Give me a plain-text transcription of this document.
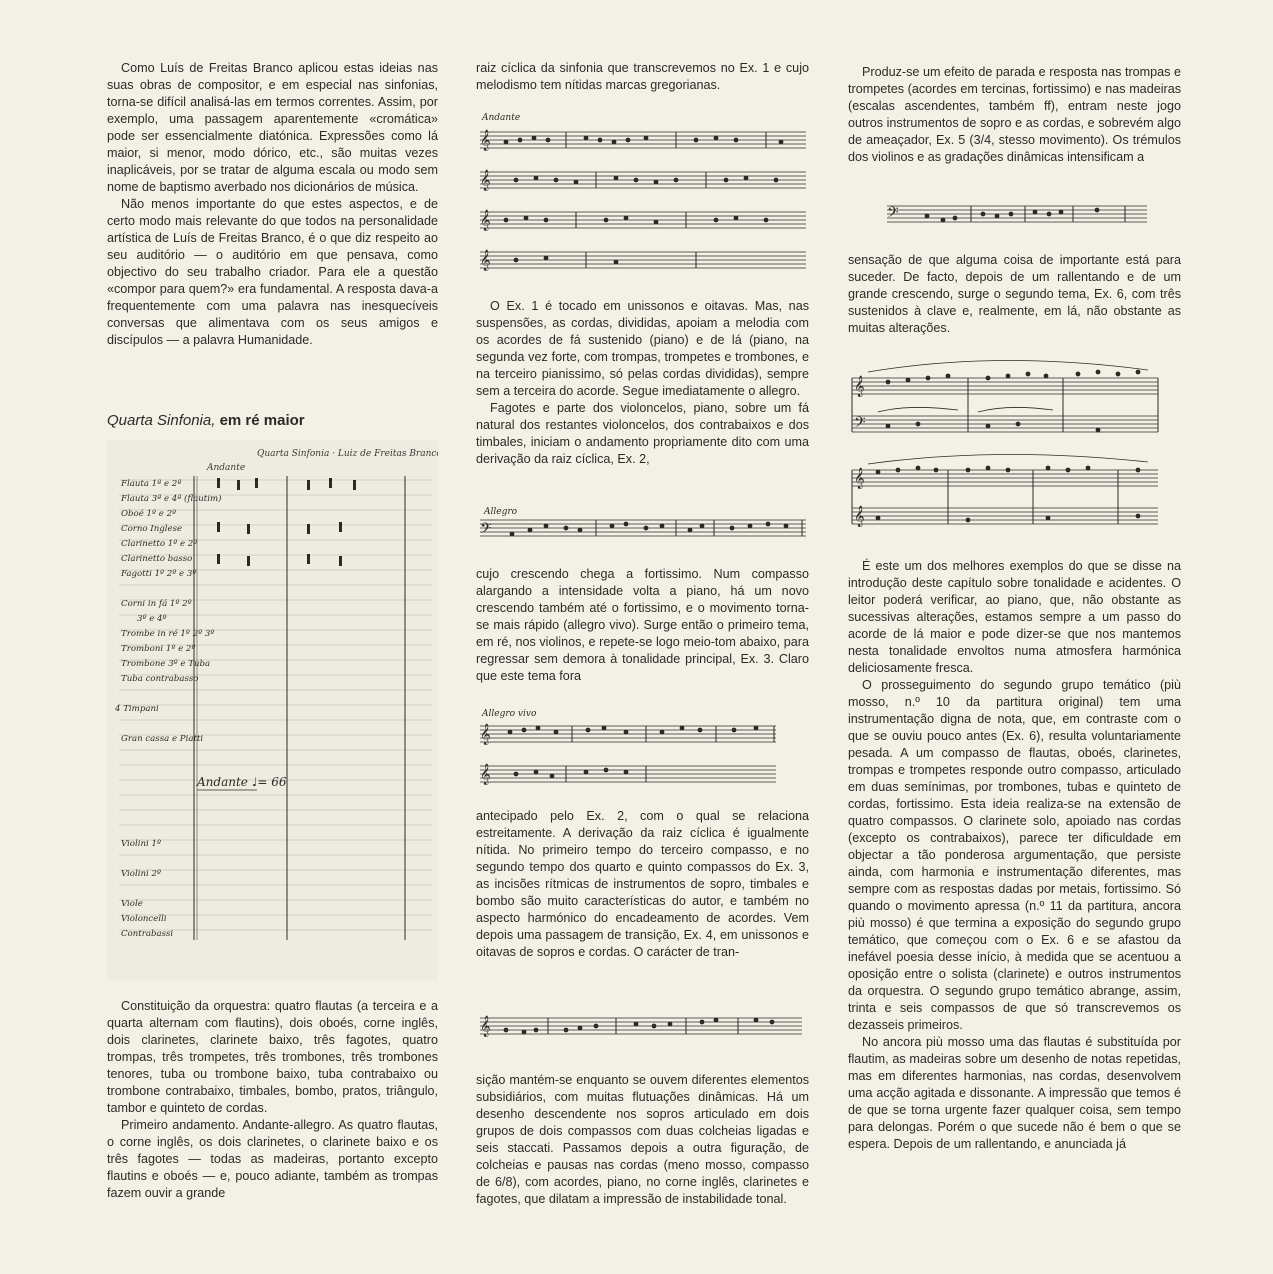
Como Luís de Freitas Branco aplicou estas ideias nas suas obras de compositor, e em especial nas sinfonias, torna-se difícil analisá-las em termos correntes. Assim, por exemplo, uma passagem aparentemente «cromática» pode ser essencialmente diatónica. Expressões como lá maior, si menor, modo dórico, etc., são muitas vezes inaplicáveis, por se tratar de alguma escala ou modo sem nome de baptismo averbado nos dicionários de música.

Não menos importante do que estes aspectos, e de certo modo mais relevante do que todos na personalidade artística de Luís de Freitas Branco, é o que diz respeito ao seu auditório — o auditório em que pensava, como objectivo do seu trabalho criador. Para ele a questão «compor para quem?» era fundamental. A resposta dava-a frequentemente com uma palavra nas inesquecíveis conversas que alimentava com os seus amigos e discípulos — a palavra Humanidade.

Quarta Sinfonia, em ré maior
Quarta Sinfonia · Luiz de Freitas Branco
Andante
Flauta 1ª e 2ª
Flauta 3ª e 4ª (flautim)
Oboé 1º e 2º
Corno Inglese
Clarinetto 1º e 2º
Clarinetto basso
Fagotti 1º 2º e 3º
Corni in fá 1º 2º
3º e 4º
Trombe in ré 1º 2º 3º
Tromboni 1º e 2º
Trombone 3º e Tuba
Tuba contrabasso
4 Timpani
Gran cassa e Piatti
Violini 1º
Violini 2º
Viole
Violoncelli
Contrabassi
Andante ♩= 66

Constituição da orquestra: quatro flautas (a terceira e a quarta alternam com flautins), dois oboés, corne inglês, dois clarinetes, clarinete baixo, três fagotes, quatro trompas, três trompetes, três trombones, três trombones tenores, tuba ou trombone baixo, tuba contrabaixo ou trombone contrabaixo, timbales, bombo, pratos, triângulo, tambor e quinteto de cordas.

Primeiro andamento. Andante-allegro. As quatro flautas, o corne inglês, os dois clarinetes, o clarinete baixo e os três fagotes — todas as madeiras, portanto excepto flautins e oboés — e, pouco adiante, também as trompas fazem ouvir a grande

raiz cíclica da sinfonia que transcrevemos no Ex. 1 e cujo melodismo tem nítidas marcas gregorianas.

Andante
𝄞
𝄞
𝄞
𝄞

O Ex. 1 é tocado em unissonos e oitavas. Mas, nas suspensões, as cordas, divididas, apoiam a melodia com os acordes de fá sustenido (piano) e de lá (piano, na segunda vez forte, com trompas, trompetes e trombones, e na terceiro pianissimo, só pelas cordas divididas), sempre sem a terceira do acorde. Segue imediatamente o allegro.

Fagotes e parte dos violoncelos, piano, sobre um fá natural dos restantes violoncelos, dos contrabaixos e dos timbales, iniciam o andamento propriamente dito com uma derivação da raiz cíclica, Ex. 2,

Allegro
𝄢

cujo crescendo chega a fortissimo. Num compasso alargando a intensidade volta a piano, há um novo crescendo também até o fortissimo, e o movimento torna-se mais rápido (allegro vivo). Surge então o primeiro tema, em ré, nos violinos, e repete-se logo meio-tom abaixo, para regressar sem demora à tonalidade principal, Ex. 3. Claro que este tema fora

Allegro vivo
𝄞
𝄞

antecipado pelo Ex. 2, com o qual se relaciona estreitamente. A derivação da raiz cíclica é igualmente nítida. No primeiro tempo do terceiro compasso, e no segundo tempo dos quarto e quinto compassos do Ex. 3, as incisões rítmicas de instrumentos de sopro, timbales e bombo são muito características do autor, e também no aspecto harmónico do encadeamento de acordes. Vem depois uma passagem de transição, Ex. 4, em unissonos e oitavas de sopros e cordas. O carácter de tran-

𝄞

sição mantém-se enquanto se ouvem diferentes elementos subsidiários, com muitas flutuações dinâmicas. Há um desenho descendente nos sopros articulado em dois grupos de dois compassos com duas colcheias ligadas e seis staccati. Passamos depois a outra figuração, de colcheias e pausas nas cordas (meno mosso, compasso de 6/8), com acordes, piano, no corne inglês, clarinetes e fagotes, que dilatam a impressão de instabilidade tonal.

Produz-se um efeito de parada e resposta nas trompas e trompetes (acordes em tercinas, fortissimo) e nas madeiras (escalas ascendentes, também ff), entram neste jogo outros instrumentos de sopro e as cordas, e sobrevém algo de ameaçador, Ex. 5 (3/4, stesso movimento). Os trémulos dos violinos e as gradações dinâmicas intensificam a

𝄢

sensação de que alguma coisa de importante está para suceder. De facto, depois de um rallentando e de um grande crescendo, surge o segundo tema, Ex. 6, com três sustenidos à clave e, realmente, em lá, não obstante as muitas alterações.

𝄞
𝄢
𝄞
𝄞

É este um dos melhores exemplos do que se disse na introdução deste capítulo sobre tonalidade e acidentes. O leitor poderá verificar, ao piano, que, não obstante as sucessivas alterações, estamos sempre a um passo do acorde de lá maior e pode dizer-se que nos mantemos nesta tonalidade envoltos numa atmosfera harmónica deliciosamente fresca.

O prosseguimento do segundo grupo temático (più mosso, n.º 10 da partitura original) tem uma instrumentação digna de nota, que, em contraste com o que se ouviu pouco antes (Ex. 6), resulta voluntariamente pesada. A um compasso de flautas, oboés, clarinetes, trompas e trompetes responde outro compasso, articulado em duas semínimas, por trombones, tubas e quinteto de cordas, fortissimo. Esta ideia realiza-se na extensão de quatro compassos. O clarinete solo, apoiado nas cordas (excepto os contrabaixos), parece ter dificuldade em objectar a tão ponderosa argumentação, que persiste ainda, com harmonia e instrumentação diferentes, mas sempre com as respostas dadas por metais, fortissimo. Só quando o movimento apressa (n.º 11 da partitura, ancora più mosso) é que termina a exposição do segundo grupo temático, que começou com o Ex. 6 e se afastou da inefável poesia desse início, à medida que se acentuou a oposição entre o solista (clarinete) e outros instrumentos da orquestra. O segundo grupo temático abrange, assim, trinta e seis compassos de que só transcrevemos os dezasseis primeiros.

No ancora più mosso uma das flautas é substituída por flautim, as madeiras sobre um desenho de notas repetidas, mas em diferentes harmonias, nas cordas, desenvolvem uma acção agitada e dissonante. A impressão que temos é de que se torna urgente fazer qualquer coisa, sem tempo para delongas. Porém o que sucede não é bem o que se espera. Depois de um rallentando, e anunciada já
